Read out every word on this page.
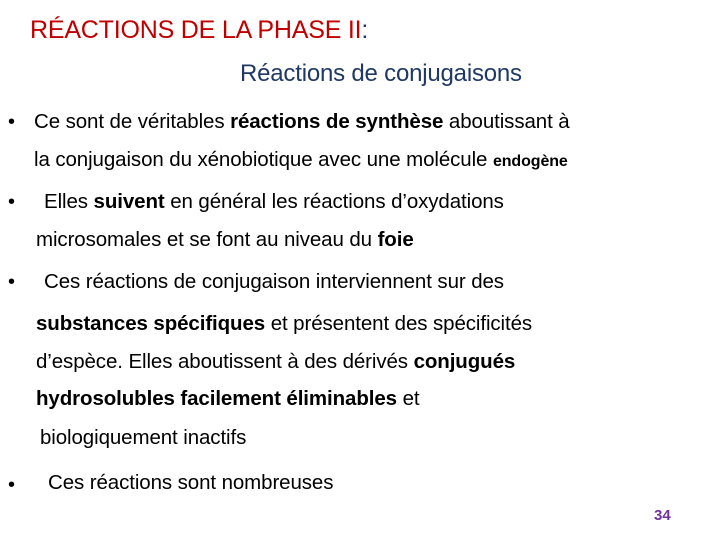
RÉACTIONS DE LA PHASE II:
Réactions de conjugaisons
• Ce sont de véritables réactions de synthèse aboutissant à
la conjugaison du xénobiotique avec une molécule endogène
• Elles suivent en général les réactions d’oxydations
microsomales et se font au niveau du foie
• Ces réactions de conjugaison interviennent sur des
substances spécifiques et présentent des spécificités
d’espèce. Elles aboutissent à des dérivés conjugués
hydrosolubles facilement éliminables et
biologiquement inactifs
• Ces réactions sont nombreuses
34
